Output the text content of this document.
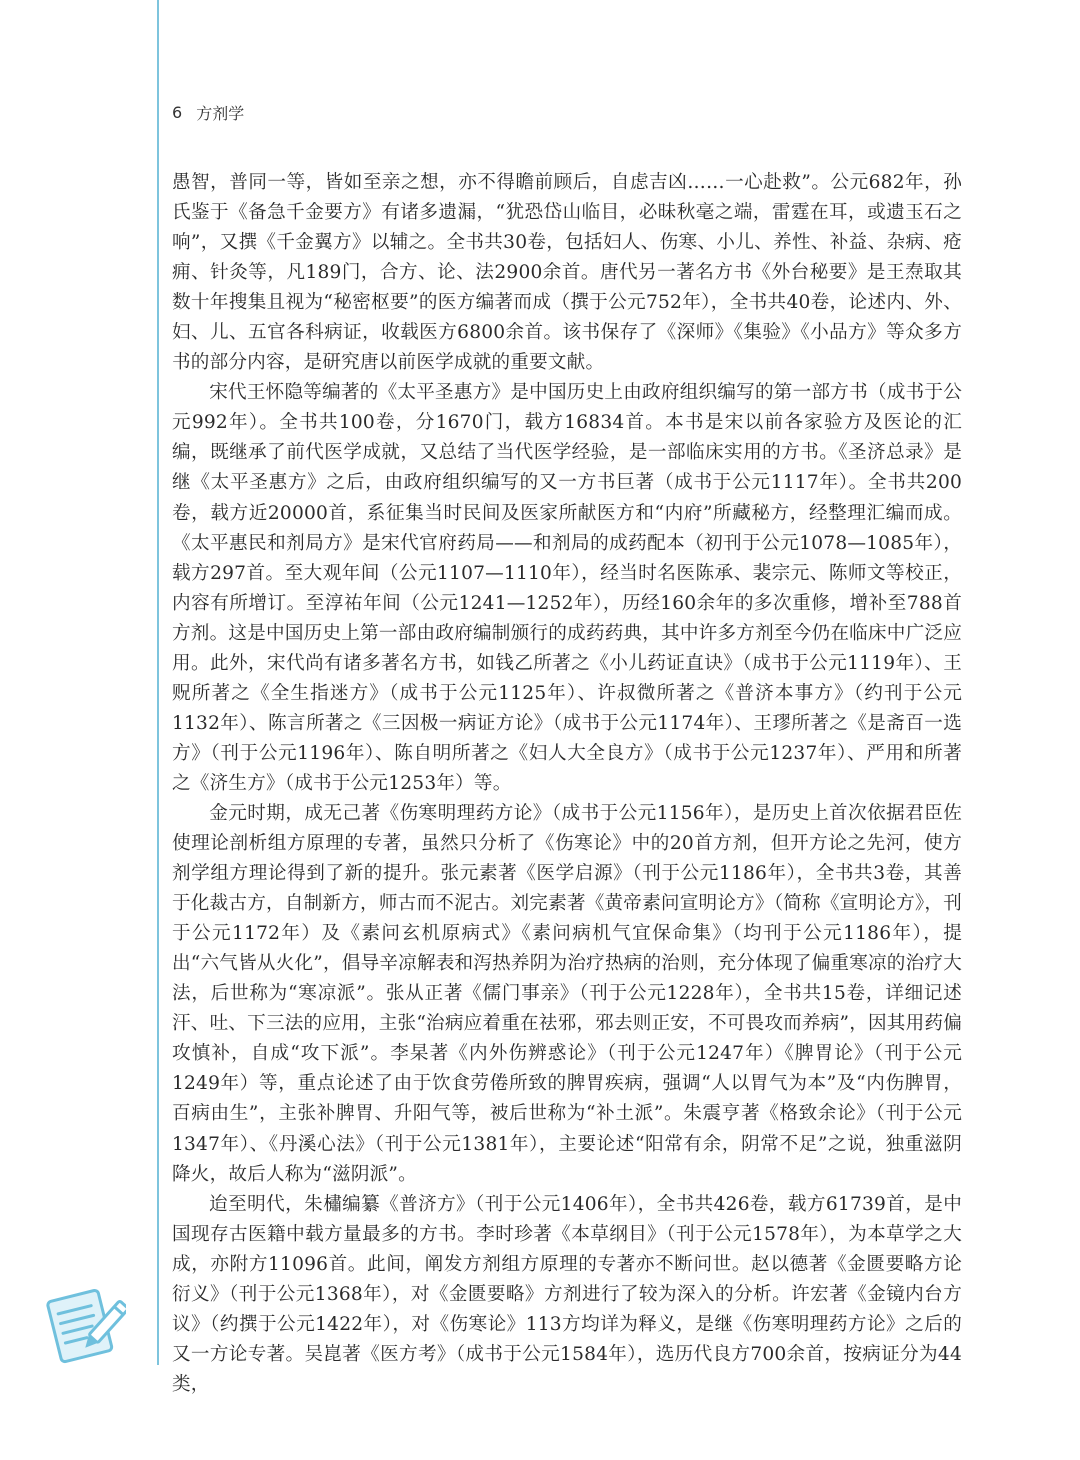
6 方剂学

愚智，普同一等，皆如至亲之想，亦不得瞻前顾后，自虑吉凶……一心赴救”。公元682年，孙氏鉴于《备急千金要方》有诸多遗漏，“犹恐岱山临目，必昧秋毫之端，雷霆在耳，或遗玉石之响”，又撰《千金翼方》以辅之。全书共30卷，包括妇人、伤寒、小儿、养性、补益、杂病、疮痈、针灸等，凡189门，合方、论、法2900余首。唐代另一著名方书《外台秘要》是王焘取其数十年搜集且视为“秘密枢要”的医方编著而成（撰于公元752年），全书共40卷，论述内、外、妇、儿、五官各科病证，收载医方6800余首。该书保存了《深师》《集验》《小品方》等众多方书的部分内容，是研究唐以前医学成就的重要文献。

宋代王怀隐等编著的《太平圣惠方》是中国历史上由政府组织编写的第一部方书（成书于公元992年）。全书共100卷，分1670门，载方16834首。本书是宋以前各家验方及医论的汇编，既继承了前代医学成就，又总结了当代医学经验，是一部临床实用的方书。《圣济总录》是继《太平圣惠方》之后，由政府组织编写的又一方书巨著（成书于公元1117年）。全书共200卷，载方近20000首，系征集当时民间及医家所献医方和“内府”所藏秘方，经整理汇编而成。《太平惠民和剂局方》是宋代官府药局——和剂局的成药配本（初刊于公元1078—1085年），载方297首。至大观年间（公元1107—1110年），经当时名医陈承、裴宗元、陈师文等校正，内容有所增订。至淳祐年间（公元1241—1252年），历经160余年的多次重修，增补至788首方剂。这是中国历史上第一部由政府编制颁行的成药药典，其中许多方剂至今仍在临床中广泛应用。此外，宋代尚有诸多著名方书，如钱乙所著之《小儿药证直诀》（成书于公元1119年）、王贶所著之《全生指迷方》（成书于公元1125年）、许叔微所著之《普济本事方》（约刊于公元1132年）、陈言所著之《三因极一病证方论》（成书于公元1174年）、王璆所著之《是斋百一选方》（刊于公元1196年）、陈自明所著之《妇人大全良方》（成书于公元1237年）、严用和所著之《济生方》（成书于公元1253年）等。

金元时期，成无己著《伤寒明理药方论》（成书于公元1156年），是历史上首次依据君臣佐使理论剖析组方原理的专著，虽然只分析了《伤寒论》中的20首方剂，但开方论之先河，使方剂学组方理论得到了新的提升。张元素著《医学启源》（刊于公元1186年），全书共3卷，其善于化裁古方，自制新方，师古而不泥古。刘完素著《黄帝素问宣明论方》（简称《宣明论方》，刊于公元1172年）及《素问玄机原病式》《素问病机气宜保命集》（均刊于公元1186年），提出“六气皆从火化”，倡导辛凉解表和泻热养阴为治疗热病的治则，充分体现了偏重寒凉的治疗大法，后世称为“寒凉派”。张从正著《儒门事亲》（刊于公元1228年），全书共15卷，详细记述汗、吐、下三法的应用，主张“治病应着重在祛邪，邪去则正安，不可畏攻而养病”，因其用药偏攻慎补，自成“攻下派”。李杲著《内外伤辨惑论》（刊于公元1247年）《脾胃论》（刊于公元1249年）等，重点论述了由于饮食劳倦所致的脾胃疾病，强调“人以胃气为本”及“内伤脾胃，百病由生”，主张补脾胃、升阳气等，被后世称为“补土派”。朱震亨著《格致余论》（刊于公元1347年）、《丹溪心法》（刊于公元1381年），主要论述“阳常有余，阴常不足”之说，独重滋阴降火，故后人称为“滋阴派”。

迨至明代，朱橚编纂《普济方》（刊于公元1406年），全书共426卷，载方61739首，是中国现存古医籍中载方量最多的方书。李时珍著《本草纲目》（刊于公元1578年），为本草学之大成，亦附方11096首。此间，阐发方剂组方原理的专著亦不断问世。赵以德著《金匮要略方论衍义》（刊于公元1368年），对《金匮要略》方剂进行了较为深入的分析。许宏著《金镜内台方议》（约撰于公元1422年），对《伤寒论》113方均详为释义，是继《伤寒明理药方论》之后的又一方论专著。吴崑著《医方考》（成书于公元1584年），选历代良方700余首，按病证分为44类，
